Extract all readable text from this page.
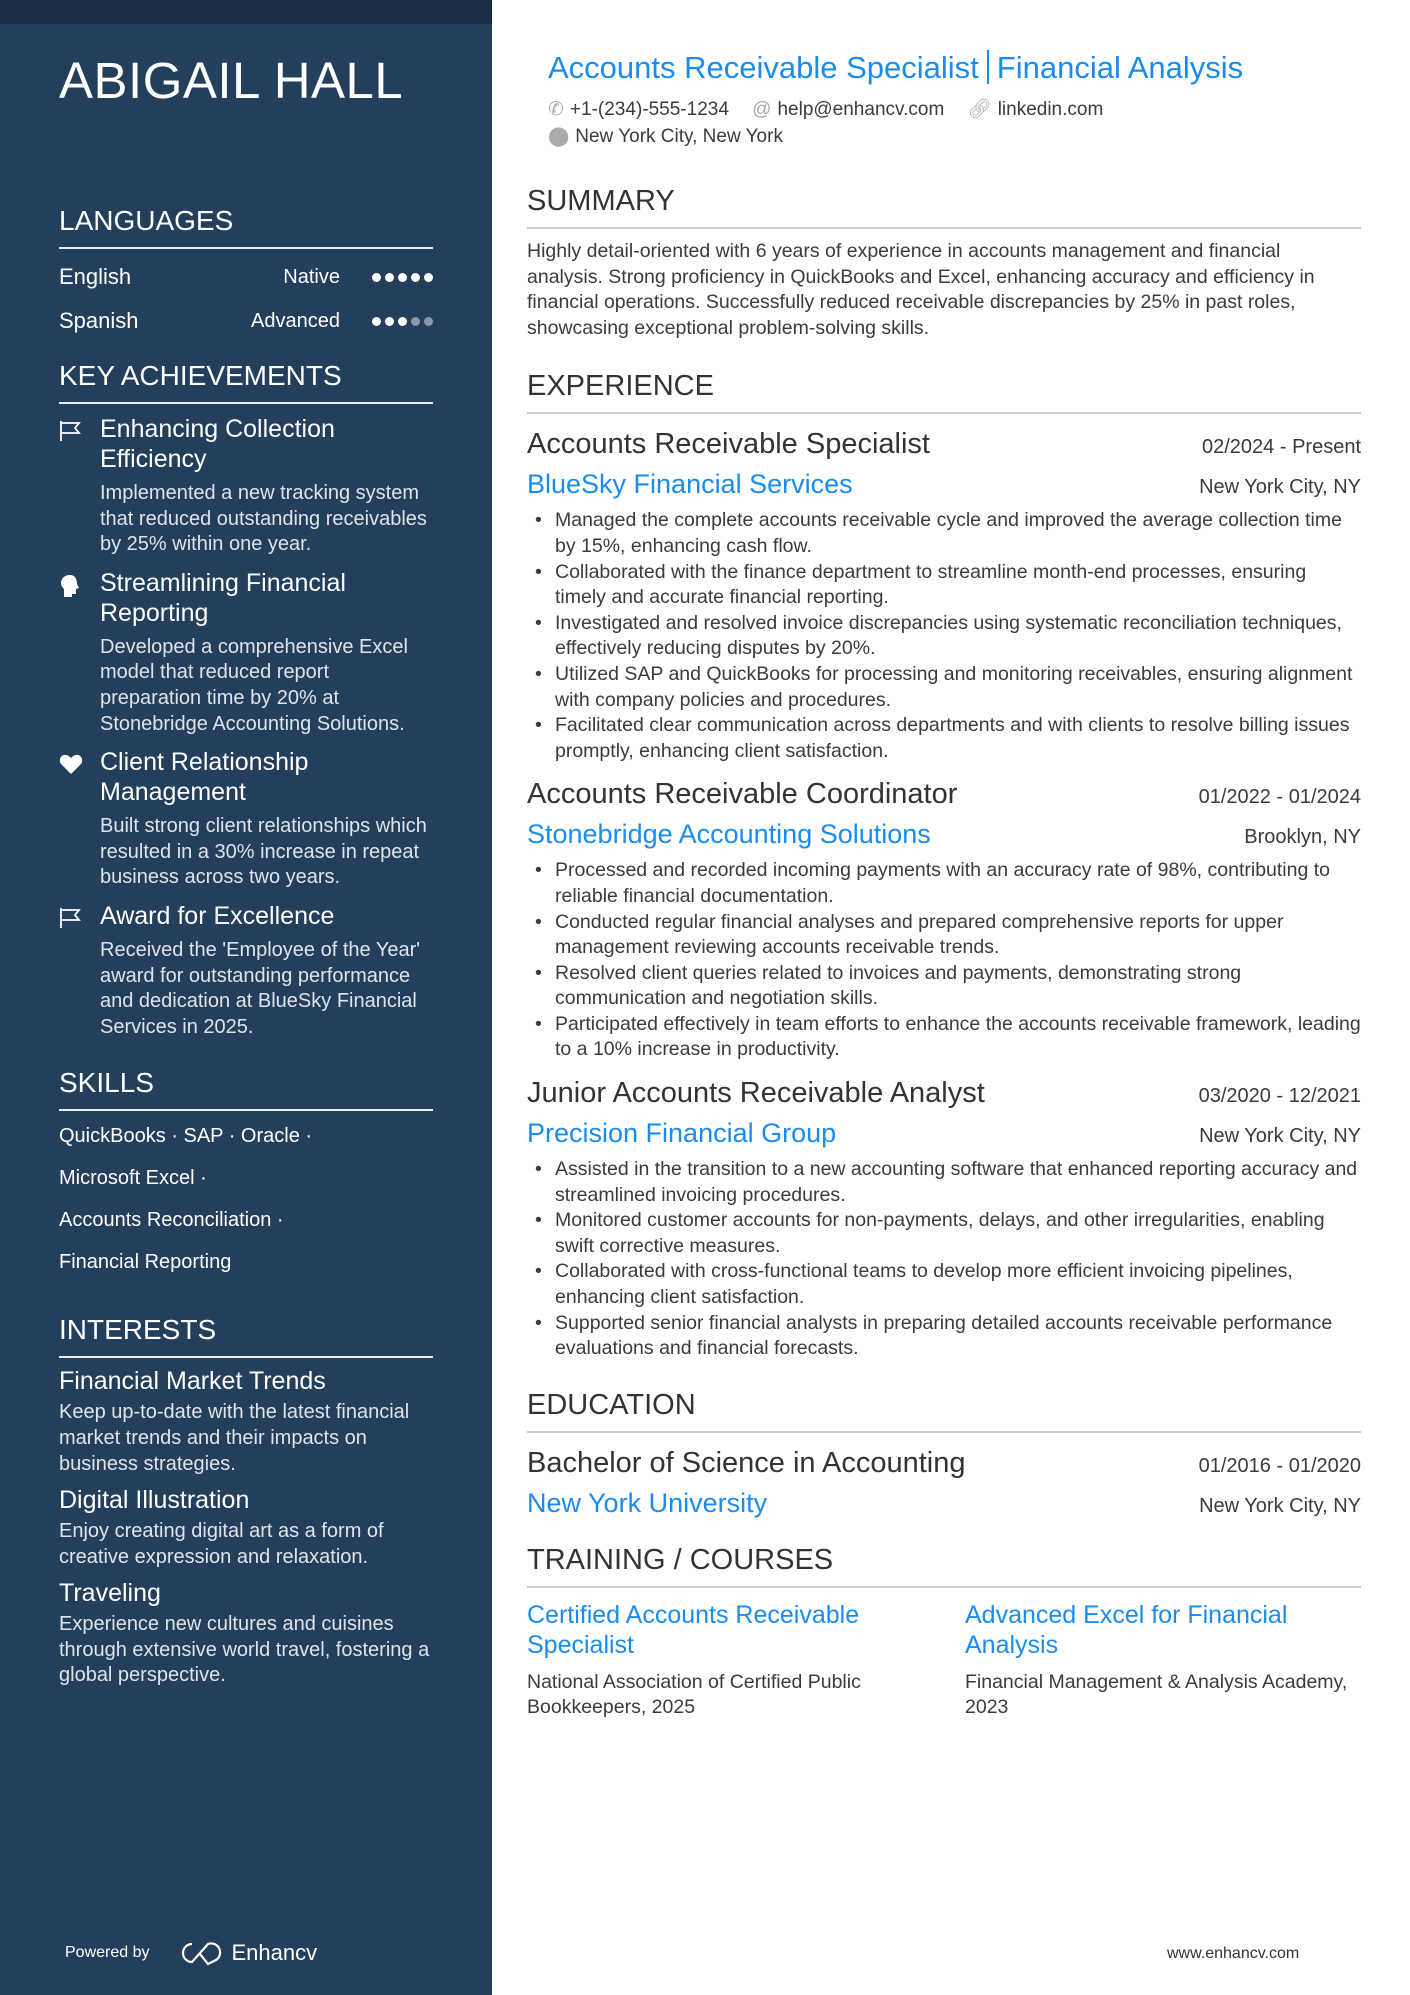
ABIGAIL HALL
LANGUAGES
English	Native
Spanish	Advanced
KEY ACHIEVEMENTS
Enhancing Collection Efficiency
Implemented a new tracking system that reduced outstanding receivables by 25% within one year.
Streamlining Financial Reporting
Developed a comprehensive Excel model that reduced report preparation time by 20% at Stonebridge Accounting Solutions.
Client Relationship Management
Built strong client relationships which resulted in a 30% increase in repeat business across two years.
Award for Excellence
Received the 'Employee of the Year' award for outstanding performance and dedication at BlueSky Financial Services in 2025.
SKILLS
QuickBooks · SAP · Oracle ·
Microsoft Excel ·
Accounts Reconciliation ·
Financial Reporting
INTERESTS
Financial Market Trends
Keep up-to-date with the latest financial market trends and their impacts on business strategies.
Digital Illustration
Enjoy creating digital art as a form of creative expression and relaxation.
Traveling
Experience new cultures and cuisines through extensive world travel, fostering a global perspective.
Powered by	Enhancv
Accounts Receivable Specialist Financial Analysis
✆ +1-(234)-555-1234 @ help@enhancv.com 🔗︎ linkedin.com
⬤ New York City, New York
SUMMARY
Highly detail-oriented with 6 years of experience in accounts management and financial analysis. Strong proficiency in QuickBooks and Excel, enhancing accuracy and efficiency in financial operations. Successfully reduced receivable discrepancies by 25% in past roles, showcasing exceptional problem-solving skills.
EXPERIENCE
Accounts Receivable Specialist	02/2024 - Present
BlueSky Financial Services	New York City, NY
• Managed the complete accounts receivable cycle and improved the average collection time by 15%, enhancing cash flow.
• Collaborated with the finance department to streamline month-end processes, ensuring timely and accurate financial reporting.
• Investigated and resolved invoice discrepancies using systematic reconciliation techniques, effectively reducing disputes by 20%.
• Utilized SAP and QuickBooks for processing and monitoring receivables, ensuring alignment with company policies and procedures.
• Facilitated clear communication across departments and with clients to resolve billing issues promptly, enhancing client satisfaction.
Accounts Receivable Coordinator	01/2022 - 01/2024
Stonebridge Accounting Solutions	Brooklyn, NY
• Processed and recorded incoming payments with an accuracy rate of 98%, contributing to reliable financial documentation.
• Conducted regular financial analyses and prepared comprehensive reports for upper management reviewing accounts receivable trends.
• Resolved client queries related to invoices and payments, demonstrating strong communication and negotiation skills.
• Participated effectively in team efforts to enhance the accounts receivable framework, leading to a 10% increase in productivity.
Junior Accounts Receivable Analyst	03/2020 - 12/2021
Precision Financial Group	New York City, NY
• Assisted in the transition to a new accounting software that enhanced reporting accuracy and streamlined invoicing procedures.
• Monitored customer accounts for non-payments, delays, and other irregularities, enabling swift corrective measures.
• Collaborated with cross-functional teams to develop more efficient invoicing pipelines, enhancing client satisfaction.
• Supported senior financial analysts in preparing detailed accounts receivable performance evaluations and financial forecasts.
EDUCATION
Bachelor of Science in Accounting	01/2016 - 01/2020
New York University	New York City, NY
TRAINING / COURSES
Certified Accounts Receivable Specialist
National Association of Certified Public Bookkeepers, 2025
Advanced Excel for Financial Analysis
Financial Management & Analysis Academy, 2023
www.enhancv.com
